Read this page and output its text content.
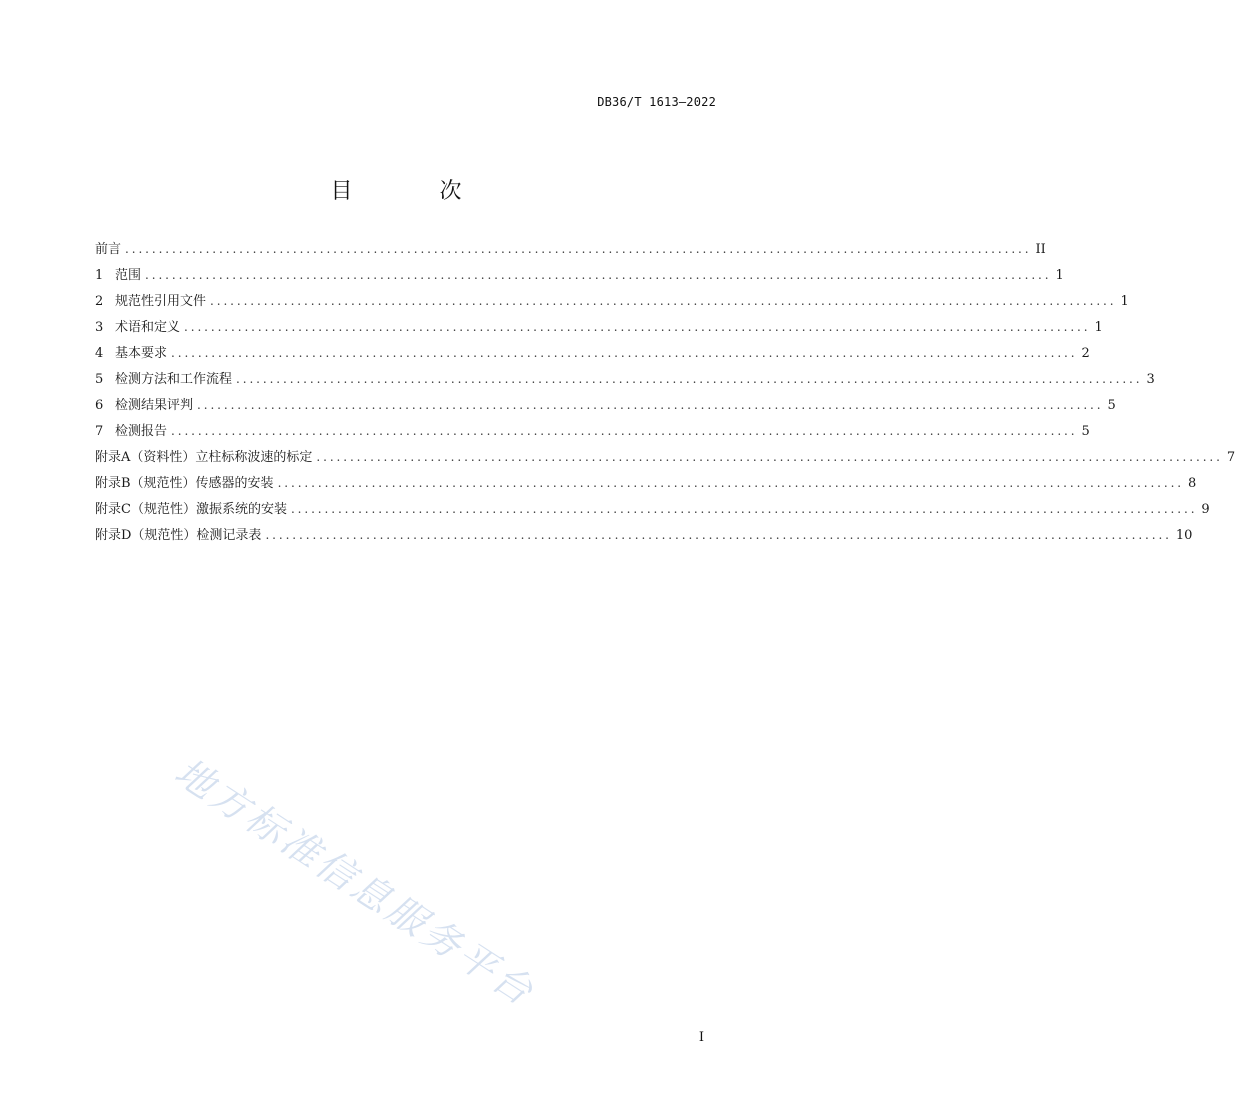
DB36/T 1613—2022
目 次
前言 ....................................................................................................................................... II
1 范围 ....................................................................................................................................... 1
2 规范性引用文件 ....................................................................................................................................... 1
3 术语和定义 ....................................................................................................................................... 1
4 基本要求 ....................................................................................................................................... 2
5 检测方法和工作流程 ....................................................................................................................................... 3
6 检测结果评判 ....................................................................................................................................... 5
7 检测报告 ....................................................................................................................................... 5
附录A（资料性）立柱标称波速的标定 ....................................................................................................................................... 7
附录B（规范性）传感器的安装 ....................................................................................................................................... 8
附录C（规范性）激振系统的安装 ....................................................................................................................................... 9
附录D（规范性）检测记录表 ....................................................................................................................................... 10
地方标准信息服务平台
I
